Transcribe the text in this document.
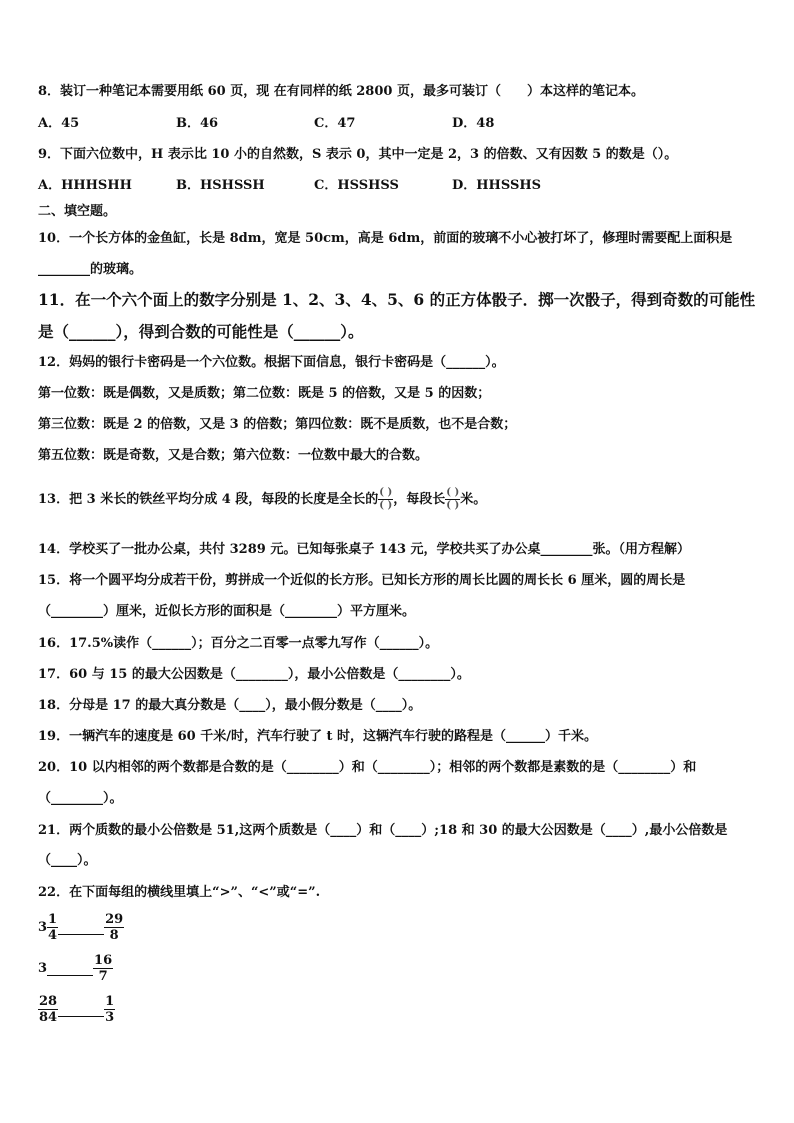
8．装订一种笔记本需要用纸 60 页，现 在有同样的纸 2800 页，最多可装订（　　）本这样的笔记本。
A．45	B．46	C．47	D．48
9．下面六位数中，H 表示比 10 小的自然数，S 表示 0，其中一定是 2，3 的倍数、又有因数 5 的数是（）。
A．HHHSHH	B．HSHSSH	C．HSSHSS	D．HHSSHS
二、填空题。
10．一个长方体的金鱼缸，长是 8dm，宽是 50cm，高是 6dm，前面的玻璃不小心被打坏了，修理时需要配上面积是
________的玻璃。
11．在一个六个面上的数字分别是 1、2、3、4、5、6 的正方体骰子．掷一次骰子，得到奇数的可能性
是（______），得到合数的可能性是（______）。
12．妈妈的银行卡密码是一个六位数。根据下面信息，银行卡密码是（______）。
第一位数：既是偶数，又是质数；第二位数：既是 5 的倍数，又是 5 的因数；
第三位数：既是 2 的倍数，又是 3 的倍数；第四位数：既不是质数，也不是合数；
第五位数：既是奇数，又是合数；第六位数：一位数中最大的合数。
13．把 3 米长的铁丝平均分成 4 段，每段的长度是全长的 $\frac{( )}{( )}$ ，每段长 $\frac{( )}{( )}$ 米。
14．学校买了一批办公桌，共付 3289 元。已知每张桌子 143 元，学校共买了办公桌________张。（用方程解）
15．将一个圆平均分成若干份，剪拼成一个近似的长方形。已知长方形的周长比圆的周长长 6 厘米，圆的周长是
（________）厘米，近似长方形的面积是（________）平方厘米。
16．17.5%读作（______）；百分之二百零一点零九写作（______）。
17．60 与 15 的最大公因数是（________），最小公倍数是（________）。
18．分母是 17 的最大真分数是（____），最小假分数是（____）。
19．一辆汽车的速度是 60 千米/时，汽车行驶了 t 时，这辆汽车行驶的路程是（______）千米。
20．10 以内相邻的两个数都是合数的是（________）和（________）；相邻的两个数都是素数的是（________）和
（________）。
21．两个质数的最小公倍数是 51,这两个质数是（____）和（____）;18 和 30 的最大公因数是（____）,最小公倍数是
（____）。
22．在下面每组的横线里填上“>”、“<”或“=”.
$3 \frac{1}{4}$	$\frac{29}{8}$
3	$\frac{16}{7}$
$\frac{28}{84}$	$\frac{1}{3}$
